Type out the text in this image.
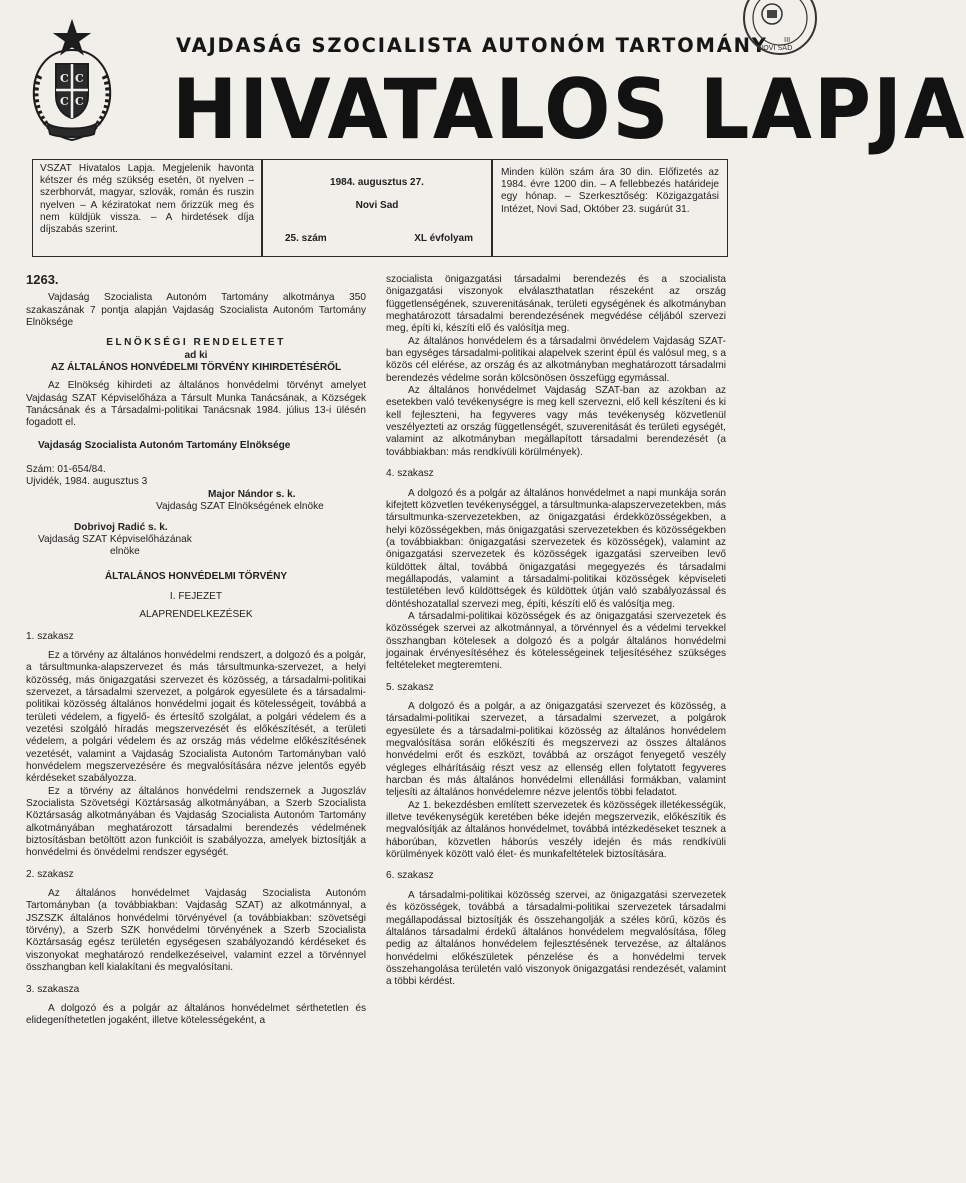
C C
C C
VAJDASÁG SZOCIALISTA AUTONÓM TARTOMÁNY
HIVATALOS LAPJA
III
NOVI SAD

VSZAT Hivatalos Lapja. Megjelenik havonta kétszer és még szükség esetén, öt nyelven – szerbhorvát, magyar, szlovák, román és ruszin nyelven – A kéziratokat nem őrizzük meg és nem küldjük vissza. – A hirdetések díja díjszabás szerint.

1984. augusztus 27.
Novi Sad
25. szám	XL évfolyam

Minden külön szám ára 30 din. Előfizetés az 1984. évre 1200 din. – A fellebbezés határideje egy hónap. – Szerkesztőség: Közigazgatási Intézet, Novi Sad, Október 23. sugárút 31.

1263.

Vajdaság Szocialista Autonóm Tartomány alkotmánya 350 szakaszának 7 pontja alapján Vajdaság Szocialista Autonóm Tartomány Elnöksége

ELNÖKSÉGI RENDELETET

ad ki

AZ ÁLTALÁNOS HONVÉDELMI TÖRVÉNY KIHIRDETÉSÉRŐL

Az Elnökség kihirdeti az általános honvédelmi törvényt amelyet Vajdaság SZAT Képviselőháza a Társult Munka Tanácsának, a Községek Tanácsának és a Társadalmi-politikai Tanácsnak 1984. július 13-i ülésén fogadott el.

Vajdaság Szocialista Autonóm Tartomány Elnöksége

Szám: 01-654/84.

Ujvidék, 1984. augusztus 3

Major Nándor s. k.

Vajdaság SZAT Elnökségének elnöke

Dobrivoj Radić s. k.

Vajdaság SZAT Képviselőházának

elnöke

ÁLTALÁNOS HONVÉDELMI TÖRVÉNY

I. FEJEZET

ALAPRENDELKEZÉSEK

1. szakasz

Ez a törvény az általános honvédelmi rendszert, a dolgozó és a polgár, a társultmunka-alapszervezet és más társultmunka-szervezet, a helyi közösség, más önigazgatási szervezet és közösség, a társadalmi-politikai szervezet, a társadalmi szervezet, a polgárok egyesülete és a társadalmi-politikai közösség általános honvédelmi jogait és kötelességeit, továbbá a területi védelem, a figyelő- és értesítő szolgálat, a polgári védelem és a vezetési szolgáló híradás megszervezését és előkészítését, a területi védelem, a polgári védelem és az ország más védelme előkészítésének vezetését, valamint a Vajdaság Szocialista Autonóm Tartományban való honvédelem megszervezésére és megvalósítására nézve jelentős egyéb kérdéseket szabályozza.

Ez a törvény az általános honvédelmi rendszernek a Jugoszláv Szocialista Szövetségi Köztársaság alkotmányában, a Szerb Szocialista Köztársaság alkotmányában és Vajdaság Szocialista Autonóm Tartomány alkotmányában meghatározott társadalmi berendezés védelmének biztosításban betöltött azon funkcióit is szabályozza, amelyek biztosítják a honvédelmi és önvédelmi rendszer egységét.

2. szakasz

Az általános honvédelmet Vajdaság Szocialista Autonóm Tartományban (a továbbiakban: Vajdaság SZAT) az alkotmánnyal, a JSZSZK általános honvédelmi törvényével (a továbbiakban: szövetségi törvény), a Szerb SZK honvédelmi törvényének a Szerb Szocialista Köztársaság egész területén egységesen szabályozandó kérdéseket és viszonyokat meghatározó rendelkezéseivel, valamint ezzel a törvénnyel összhangban kell kialakítani és megvalósítani.

3. szakasza

A dolgozó és a polgár az általános honvédelmet sérthetetlen és elidegeníthetetlen jogaként, illetve kötelességeként, a

szocialista önigazgatási társadalmi berendezés és a szocialista önigazgatási viszonyok elválaszthatatlan részeként az ország függetlenségének, szuverenitásának, területi egységének és alkotmányban meghatározott társadalmi berendezésének megvédése céljából szervezi meg, építi ki, készíti elő és valósítja meg.

Az általános honvédelem és a társadalmi önvédelem Vajdaság SZAT-ban egységes társadalmi-politikai alapelvek szerint épül és valósul meg, s a közös cél elérése, az ország és az alkotmányban meghatározott társadalmi berendezés védelme során kölcsönösen összefügg egymással.

Az általános honvédelmet Vajdaság SZAT-ban az azokban az esetekben való tevékenységre is meg kell szervezni, elő kell készíteni és ki kell fejleszteni, ha fegyveres vagy más tevékenység közvetlenül veszélyezteti az ország függetlenségét, szuverenitását és területi egységét, valamint az alkotmányban megállapított társadalmi berendezését (a továbbiakban: más rendkívüli körülmények).

4. szakasz

A dolgozó és a polgár az általános honvédelmet a napi munkája során kifejtett közvetlen tevékenységgel, a társultmunka-alapszervezetekben, más társultmunka-szervezetekben, az önigazgatási érdekközösségekben, a helyi közösségekben, más önigazgatási szervezetekben és közösségekben (a továbbiakban: önigazgatási szervezetek és közösségek), valamint az önigazgatási szervezetek és közösségek igazgatási szerveiben levő küldöttek által, továbbá önigazgatási megegyezés és társadalmi megállapodás, valamint a társadalmi-politikai közösségek képviseleti testületében levő küldöttségek és küldöttek útján való szabályozással és döntéshozatallal szervezi meg, építi, készíti elő és valósítja meg.

A társadalmi-politikai közösségek és az önigazgatási szervezetek és közösségek szervei az alkotmánnyal, a törvénnyel és a védelmi tervekkel összhangban kötelesek a dolgozó és a polgár általános honvédelmi jogainak érvényesítéséhez és kötelességeinek teljesítéséhez szükséges feltételeket megteremteni.

5. szakasz

A dolgozó és a polgár, a az önigazgatási szervezet és közösség, a társadalmi-politikai szervezet, a társadalmi szervezet, a polgárok egyesülete és a társadalmi-politikai közösség az általános honvédelem megvalósítása során előkészíti és megszervezi az összes általános honvédelmi erőt és eszközt, továbbá az országot fenyegető veszély végleges elhárításáig részt vesz az ellenség ellen folytatott fegyveres harcban és más általános honvédelmi ellenállási formákban, valamint teljesíti az általános honvédelemre nézve jelentős többi feladatot.

Az 1. bekezdésben említett szervezetek és közösségek illetékességük, illetve tevékenységük keretében béke idején megszervezik, előkészítik és megvalósítják az általános honvédelmet, továbbá intézkedéseket tesznek a háborúban, közvetlen háborús veszély idején és más rendkívüli körülmények között való élet- és munkafeltételek biztosítására.

6. szakasz

A társadalmi-politikai közösség szervei, az önigazgatási szervezetek és közösségek, továbbá a társadalmi-politikai szervezetek társadalmi megállapodással biztosítják és összehangolják a széles körű, közös és általános társadalmi érdekű általános honvédelem megvalósítása, főleg pedig az általános honvédelem fejlesztésének tervezése, az általános honvédelmi előkészületek pénzelése és a honvédelmi tervek összehangolása területén való viszonyok önigazgatási rendezését, valamint a többi kérdést.
